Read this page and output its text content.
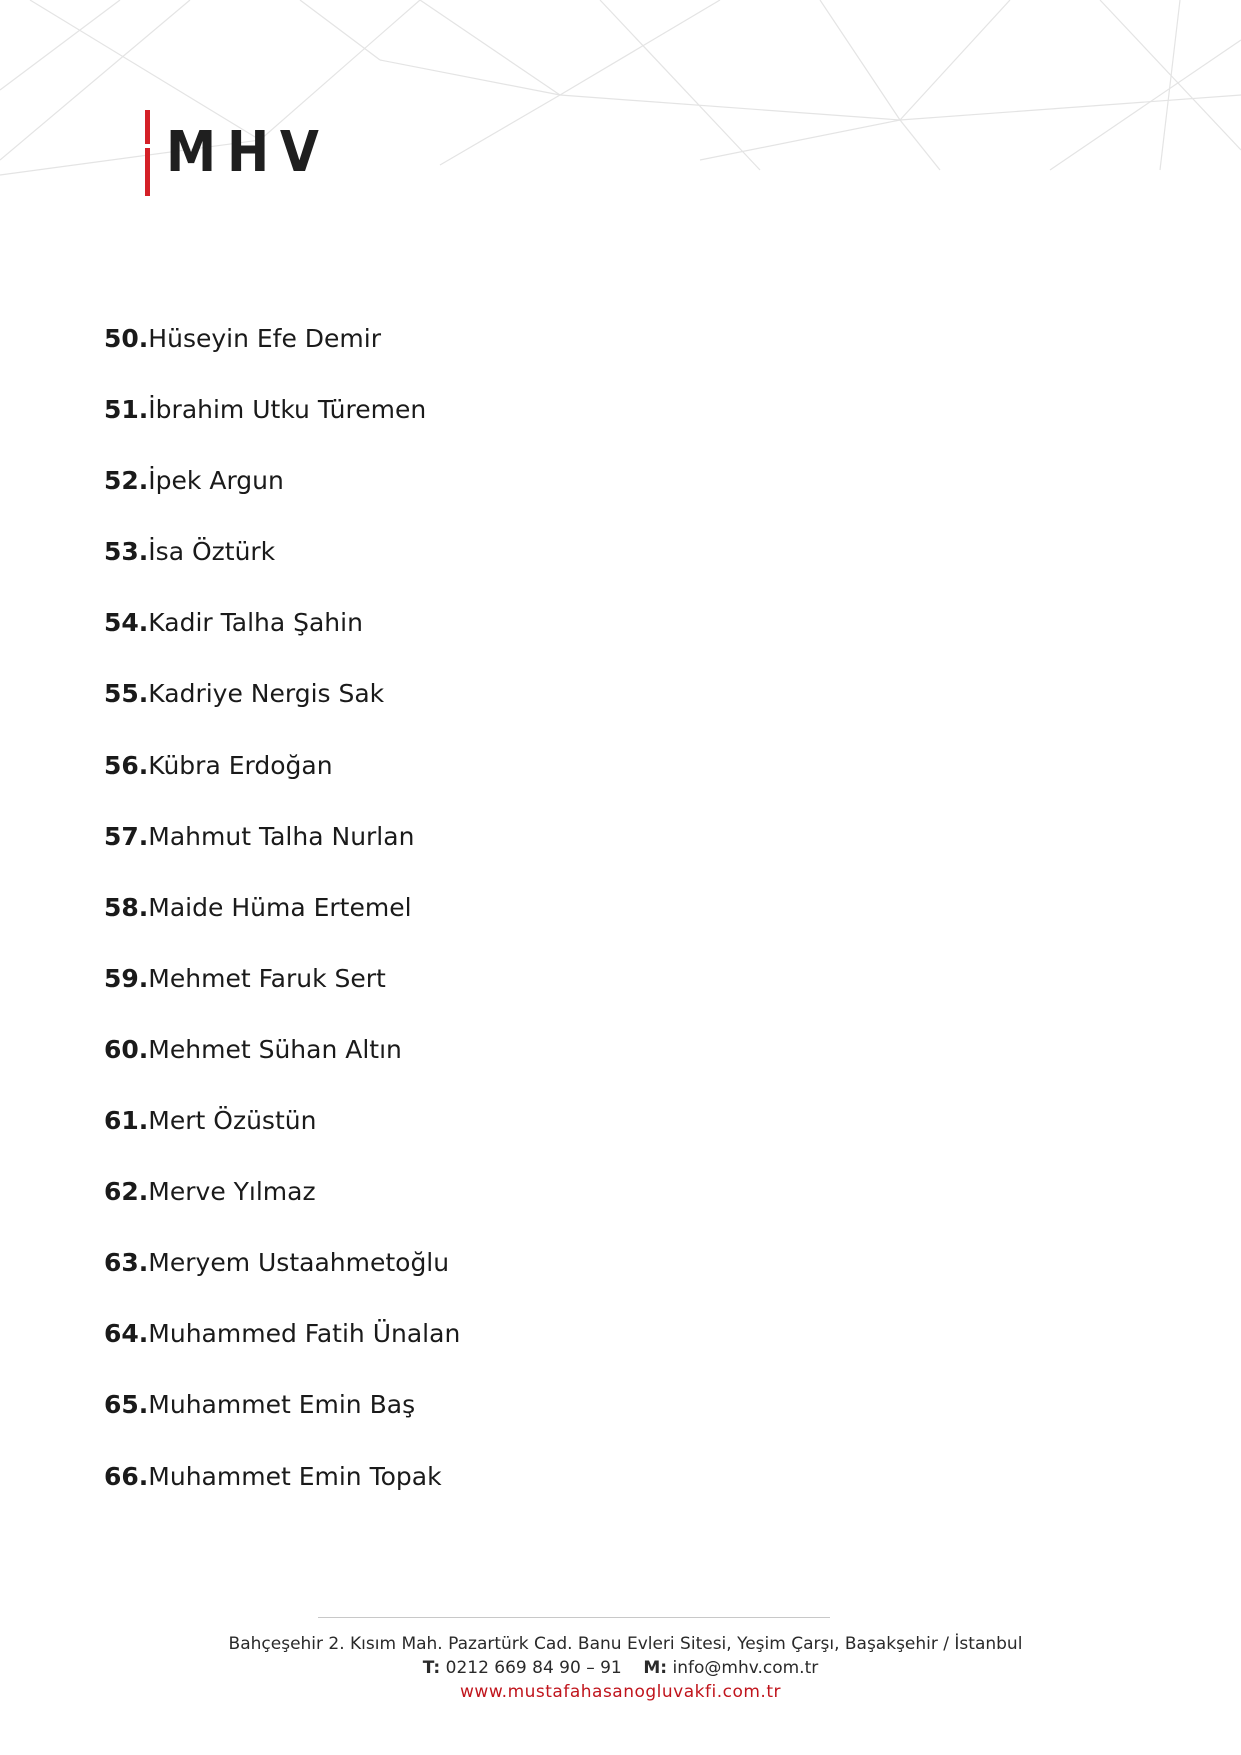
MHV
50.Hüseyin Efe Demir
51.İbrahim Utku Türemen
52.İpek Argun
53.İsa Öztürk
54.Kadir Talha Şahin
55.Kadriye Nergis Sak
56.Kübra Erdoğan
57.Mahmut Talha Nurlan
58.Maide Hüma Ertemel
59.Mehmet Faruk Sert
60.Mehmet Sühan Altın
61.Mert Özüstün
62.Merve Yılmaz
63.Meryem Ustaahmetoğlu
64.Muhammed Fatih Ünalan
65.Muhammet Emin Baş
66.Muhammet Emin Topak
Bahçeşehir 2. Kısım Mah. Pazartürk Cad. Banu Evleri Sitesi, Yeşim Çarşı, Başakşehir / İstanbul
T: 0212 669 84 90 – 91 M: info@mhv.com.tr
www.mustafahasanogluvakfi.com.tr
